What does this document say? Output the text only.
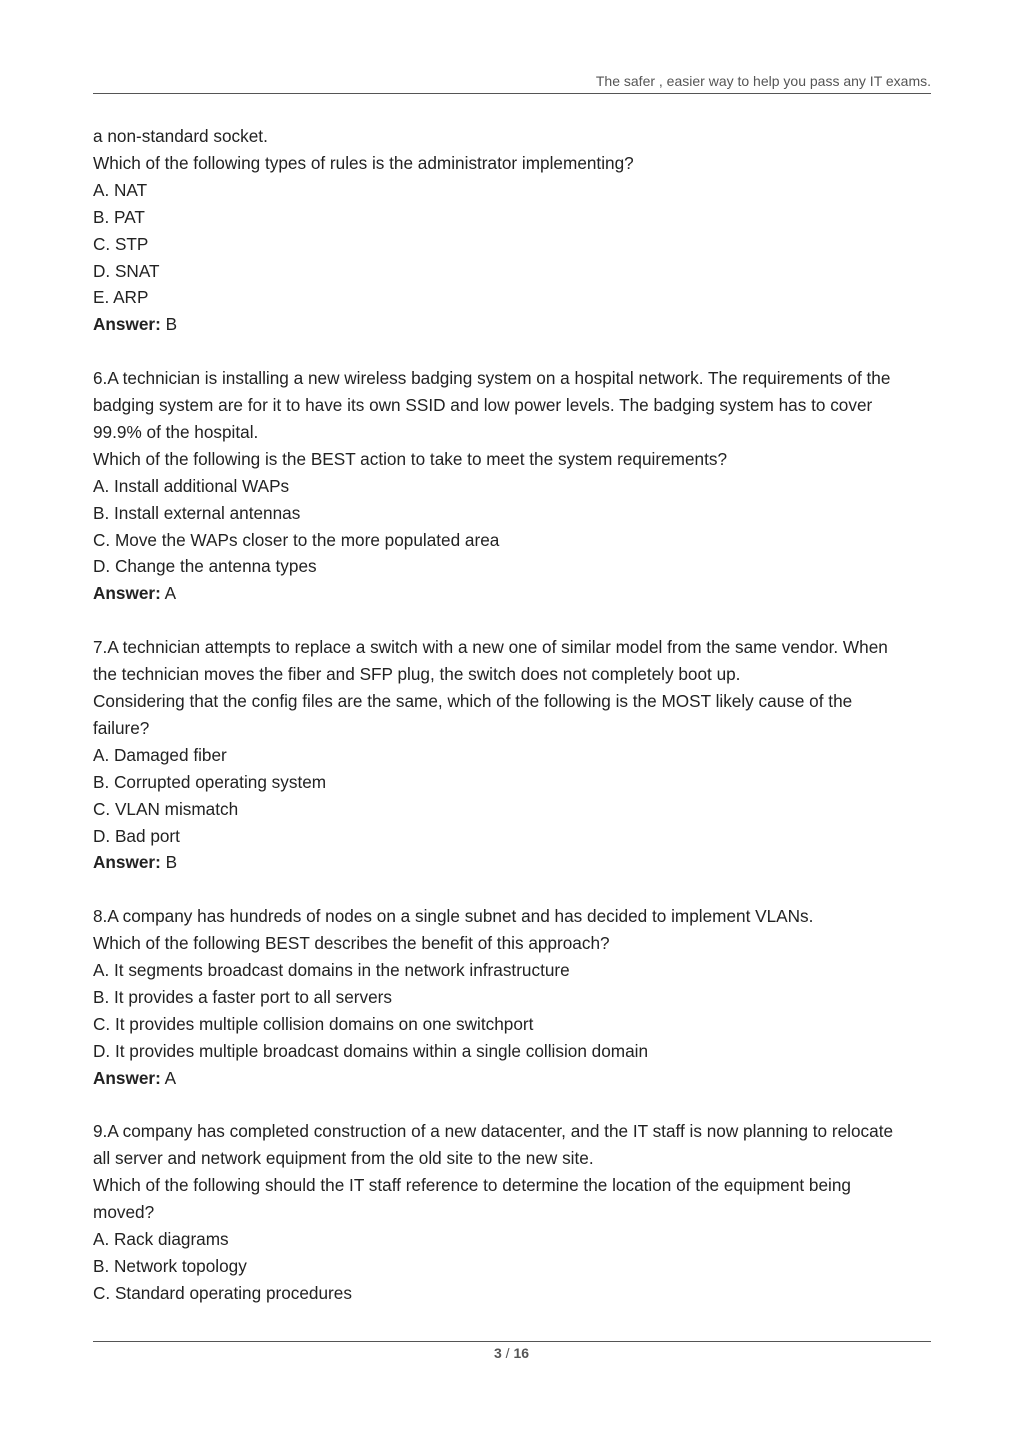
The safer , easier way to help you pass any IT exams.
a non-standard socket.
Which of the following types of rules is the administrator implementing?
A. NAT
B. PAT
C. STP
D. SNAT
E. ARP
Answer: B
6.A technician is installing a new wireless badging system on a hospital network. The requirements of the
badging system are for it to have its own SSID and low power levels. The badging system has to cover
99.9% of the hospital.
Which of the following is the BEST action to take to meet the system requirements?
A. Install additional WAPs
B. Install external antennas
C. Move the WAPs closer to the more populated area
D. Change the antenna types
Answer: A
7.A technician attempts to replace a switch with a new one of similar model from the same vendor. When
the technician moves the fiber and SFP plug, the switch does not completely boot up.
Considering that the config files are the same, which of the following is the MOST likely cause of the
failure?
A. Damaged fiber
B. Corrupted operating system
C. VLAN mismatch
D. Bad port
Answer: B
8.A company has hundreds of nodes on a single subnet and has decided to implement VLANs.
Which of the following BEST describes the benefit of this approach?
A. It segments broadcast domains in the network infrastructure
B. It provides a faster port to all servers
C. It provides multiple collision domains on one switchport
D. It provides multiple broadcast domains within a single collision domain
Answer: A
9.A company has completed construction of a new datacenter, and the IT staff is now planning to relocate
all server and network equipment from the old site to the new site.
Which of the following should the IT staff reference to determine the location of the equipment being
moved?
A. Rack diagrams
B. Network topology
C. Standard operating procedures
3 / 16
